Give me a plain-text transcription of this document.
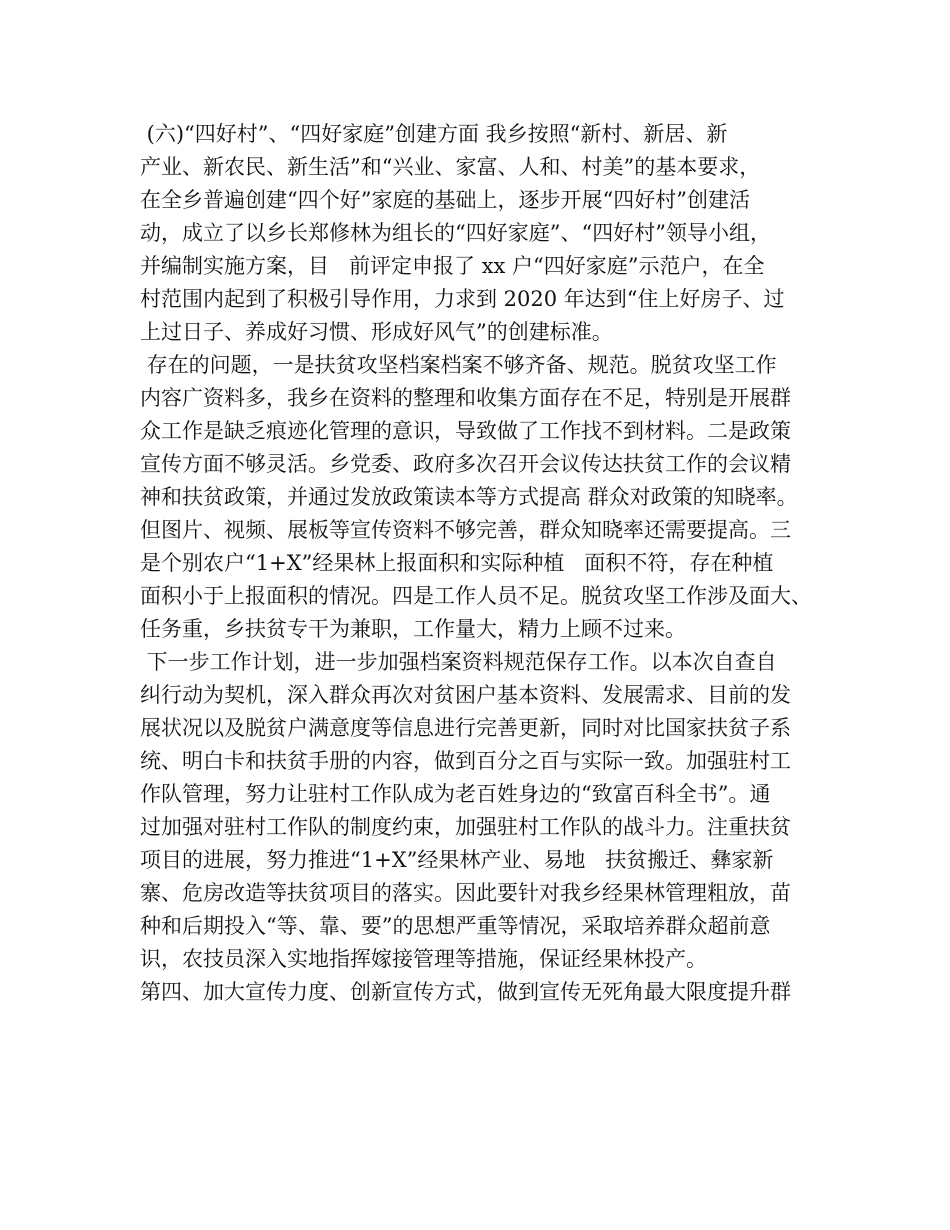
(六)“四好村”、“四好家庭”创建方面 我乡按照“新村、新居、新
产业、新农民、新生活”和“兴业、家富、人和、村美”的基本要求，
在全乡普遍创建“四个好”家庭的基础上，逐步开展“四好村”创建活
动，成立了以乡长郑修林为组长的“四好家庭”、“四好村”领导小组，
并编制实施方案，目   前评定申报了 xx 户“四好家庭”示范户，在全
村范围内起到了积极引导作用，力求到 2020 年达到“住上好房子、过
上过日子、养成好习惯、形成好风气”的创建标准。
存在的问题，一是扶贫攻坚档案档案不够齐备、规范。脱贫攻坚工作
内容广资料多，我乡在资料的整理和收集方面存在不足，特别是开展群
众工作是缺乏痕迹化管理的意识，导致做了工作找不到材料。二是政策
宣传方面不够灵活。乡党委、政府多次召开会议传达扶贫工作的会议精
神和扶贫政策，并通过发放政策读本等方式提高 群众对政策的知晓率。
但图片、视频、展板等宣传资料不够完善，群众知晓率还需要提高。三
是个别农户“1+X”经果林上报面积和实际种植   面积不符，存在种植
面积小于上报面积的情况。四是工作人员不足。脱贫攻坚工作涉及面大、
任务重，乡扶贫专干为兼职，工作量大，精力上顾不过来。
下一步工作计划，进一步加强档案资料规范保存工作。以本次自查自
纠行动为契机，深入群众再次对贫困户基本资料、发展需求、目前的发
展状况以及脱贫户满意度等信息进行完善更新，同时对比国家扶贫子系
统、明白卡和扶贫手册的内容，做到百分之百与实际一致。加强驻村工
作队管理，努力让驻村工作队成为老百姓身边的“致富百科全书”。通
过加强对驻村工作队的制度约束，加强驻村工作队的战斗力。注重扶贫
项目的进展，努力推进“1+X”经果林产业、易地   扶贫搬迁、彝家新
寨、危房改造等扶贫项目的落实。因此要针对我乡经果林管理粗放，苗
种和后期投入“等、靠、要”的思想严重等情况，采取培养群众超前意
识，农技员深入实地指挥嫁接管理等措施，保证经果林投产。
第四、加大宣传力度、创新宣传方式，做到宣传无死角最大限度提升群
